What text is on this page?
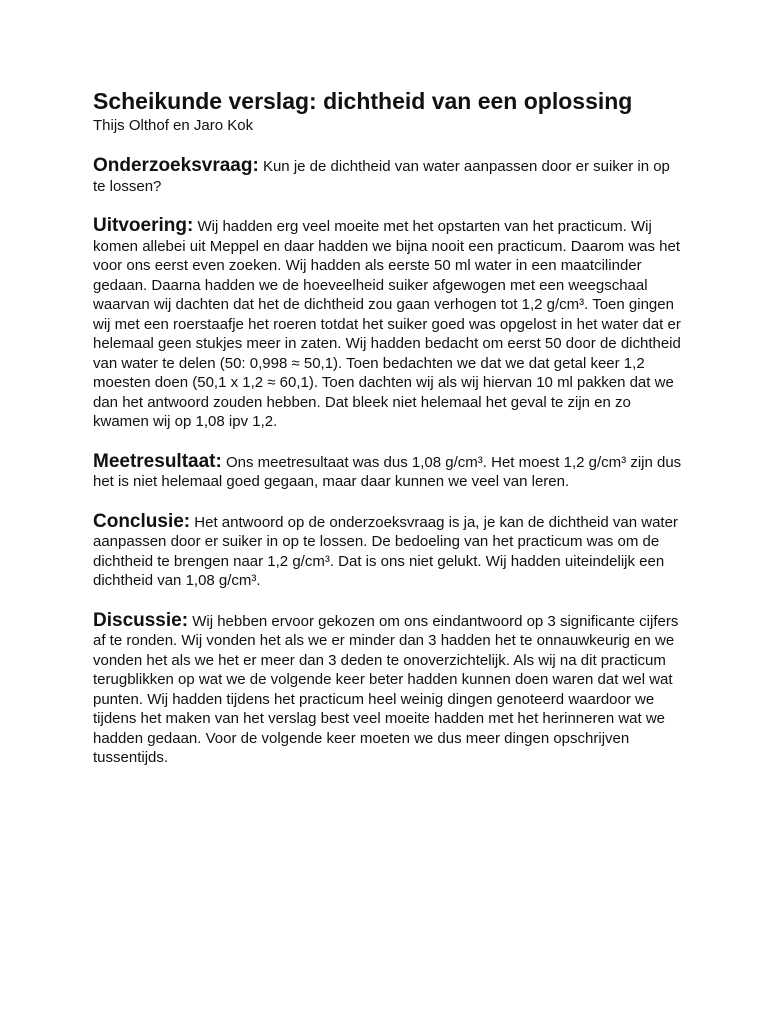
Scheikunde verslag: dichtheid van een oplossing

Thijs Olthof en Jaro Kok

Onderzoeksvraag: Kun je de dichtheid van water aanpassen door er suiker in op te lossen?
Uitvoering: Wij hadden erg veel moeite met het opstarten van het practicum. Wij komen allebei uit Meppel en daar hadden we bijna nooit een practicum. Daarom was het voor ons eerst even zoeken. Wij hadden als eerste 50 ml water in een maatcilinder gedaan. Daarna hadden we de hoeveelheid suiker afgewogen met een weegschaal waarvan wij dachten dat het de dichtheid zou gaan verhogen tot 1,2 g/cm³. Toen gingen wij met een roerstaafje het roeren totdat het suiker goed was opgelost in het water dat er helemaal geen stukjes meer in zaten. Wij hadden bedacht om eerst 50 door de dichtheid van water te delen (50: 0,998 ≈ 50,1). Toen bedachten we dat we dat getal keer 1,2 moesten doen (50,1 x 1,2 ≈ 60,1). Toen dachten wij als wij hiervan 10 ml pakken dat we dan het antwoord zouden hebben. Dat bleek niet helemaal het geval te zijn en zo kwamen wij op 1,08 ipv 1,2.
Meetresultaat: Ons meetresultaat was dus 1,08 g/cm³. Het moest 1,2 g/cm³ zijn dus het is niet helemaal goed gegaan, maar daar kunnen we veel van leren.
Conclusie: Het antwoord op de onderzoeksvraag is ja, je kan de dichtheid van water aanpassen door er suiker in op te lossen. De bedoeling van het practicum was om de dichtheid te brengen naar 1,2 g/cm³. Dat is ons niet gelukt. Wij hadden uiteindelijk een dichtheid van 1,08 g/cm³.
Discussie: Wij hebben ervoor gekozen om ons eindantwoord op 3 significante cijfers af te ronden. Wij vonden het als we er minder dan 3 hadden het te onnauwkeurig en we vonden het als we het er meer dan 3 deden te onoverzichtelijk. Als wij na dit practicum terugblikken op wat we de volgende keer beter hadden kunnen doen waren dat wel wat punten. Wij hadden tijdens het practicum heel weinig dingen genoteerd waardoor we tijdens het maken van het verslag best veel moeite hadden met het herinneren wat we hadden gedaan. Voor de volgende keer moeten we dus meer dingen opschrijven tussentijds.
